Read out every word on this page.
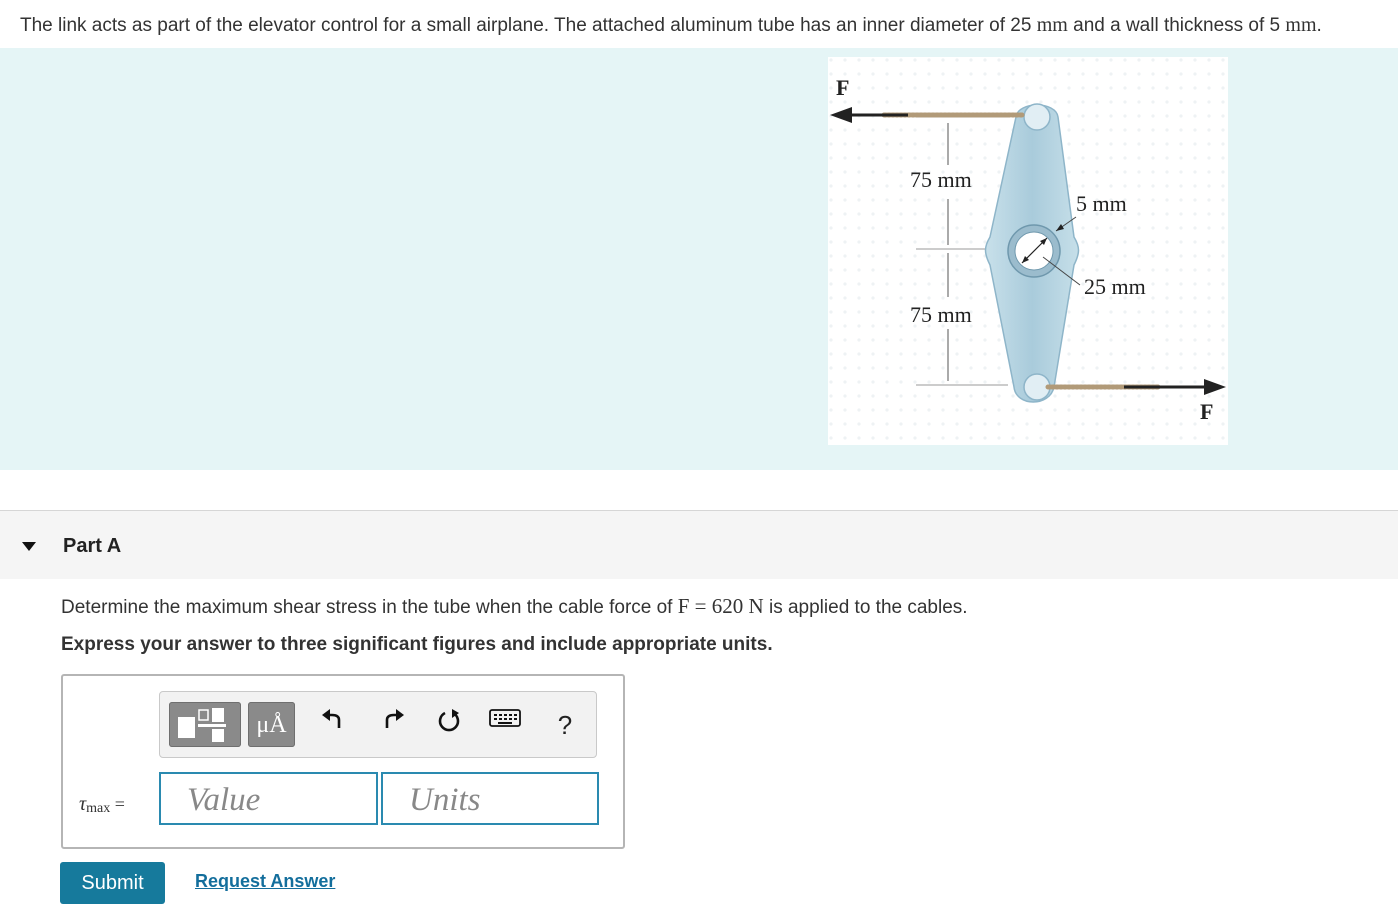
The link acts as part of the elevator control for a small airplane. The attached aluminum tube has an inner diameter of 25 mm and a wall thickness of 5 mm.
F
F
75 mm
75 mm
5 mm
25 mm
Part A
Determine the maximum shear stress in the tube when the cable force of F = 620 N is applied to the cables.
Express your answer to three significant figures and include appropriate units.
μÅ	?
$\tau_{max}$ = Value	Units
Submit	Request Answer
